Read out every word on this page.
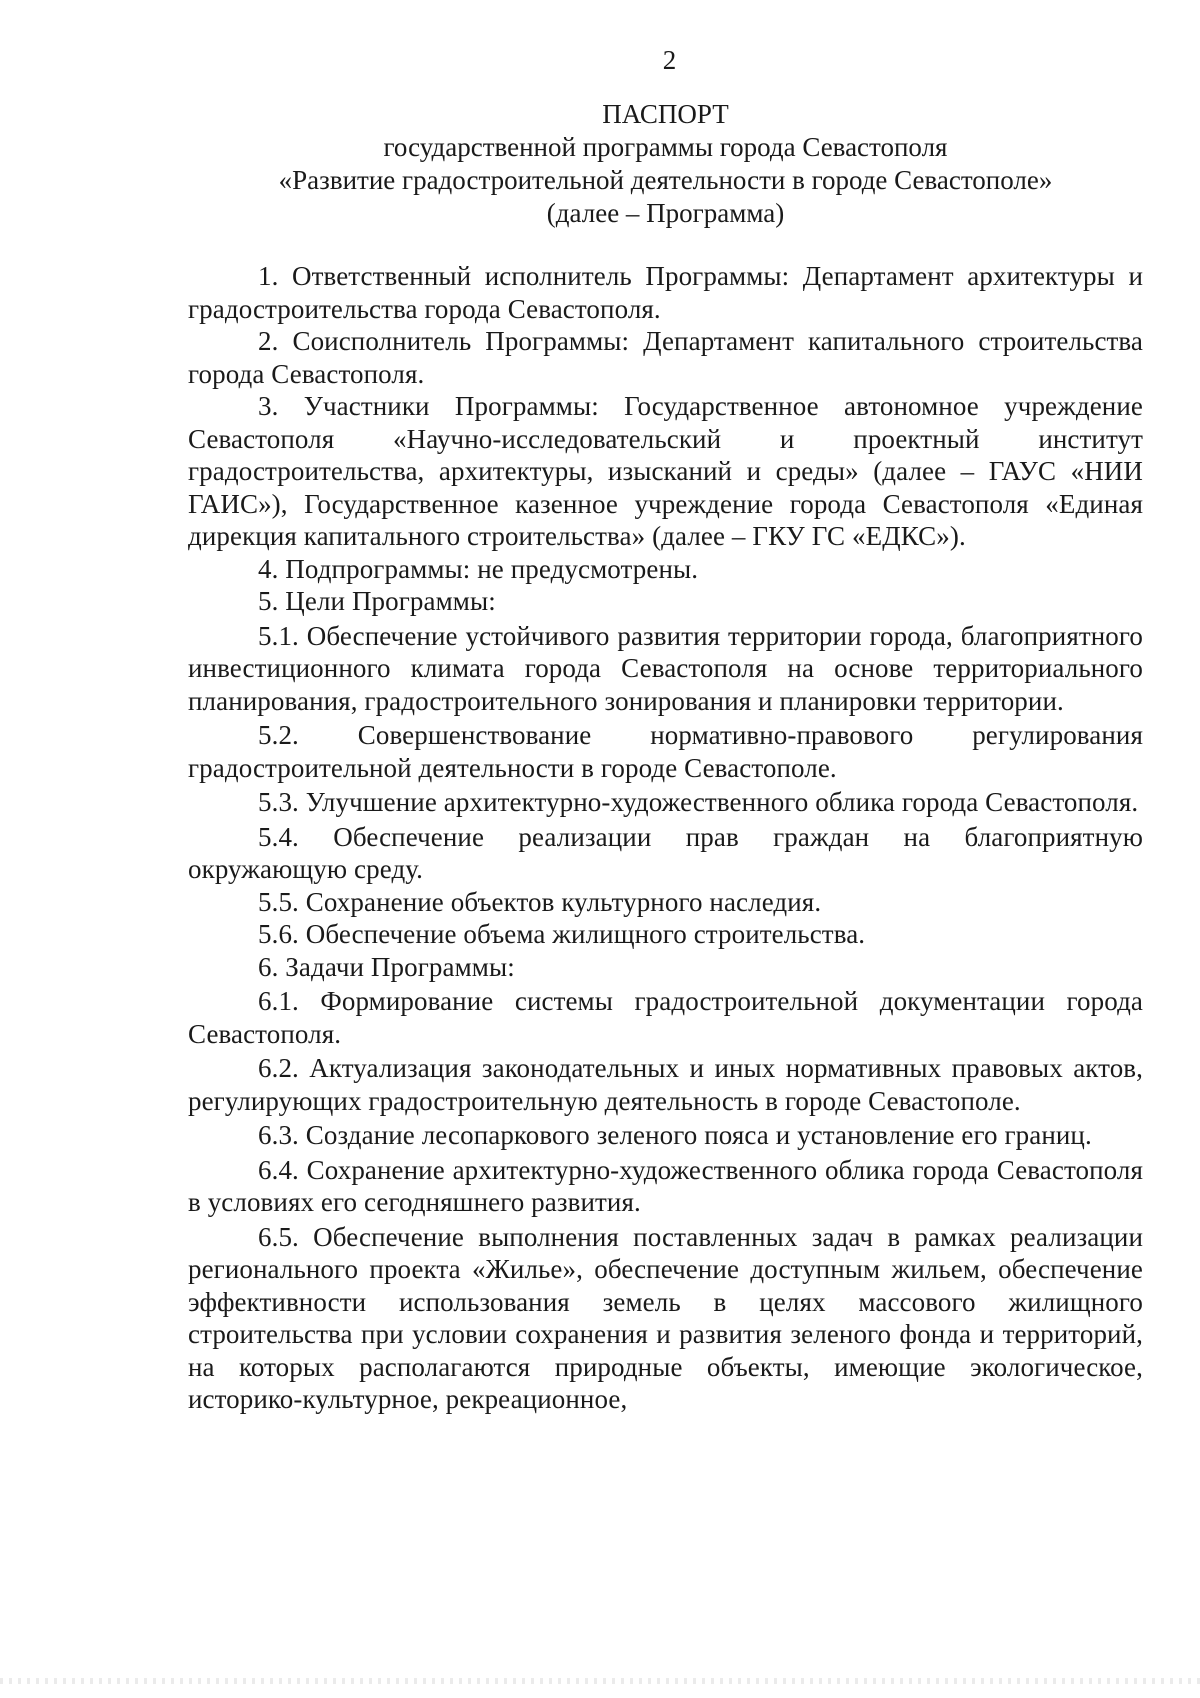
2
ПАСПОРТ
государственной программы города Севастополя
«Развитие градостроительной деятельности в городе Севастополе»
(далее – Программа)

1. Ответственный исполнитель Программы: Департамент архитектуры и градостроительства города Севастополя.

2. Соисполнитель Программы: Департамент капитального строительства города Севастополя.

3. Участники Программы: Государственное автономное учреждение Севастополя «Научно-исследовательский и проектный институт градостроительства, архитектуры, изысканий и среды» (далее – ГАУС «НИИ ГАИС»), Государственное казенное учреждение города Севастополя «Единая дирекция капитального строительства» (далее – ГКУ ГС «ЕДКС»).

4. Подпрограммы: не предусмотрены.

5. Цели Программы:

5.1. Обеспечение устойчивого развития территории города, благоприятного инвестиционного климата города Севастополя на основе территориального планирования, градостроительного зонирования и планировки территории.

5.2. Совершенствование нормативно-правового регулирования градостроительной деятельности в городе Севастополе.

5.3. Улучшение архитектурно-художественного облика города Севастополя.

5.4. Обеспечение реализации прав граждан на благоприятную окружающую среду.

5.5. Сохранение объектов культурного наследия.

5.6. Обеспечение объема жилищного строительства.

6. Задачи Программы:

6.1. Формирование системы градостроительной документации города Севастополя.

6.2. Актуализация законодательных и иных нормативных правовых актов, регулирующих градостроительную деятельность в городе Севастополе.

6.3. Создание лесопаркового зеленого пояса и установление его границ.

6.4. Сохранение архитектурно-художественного облика города Севастополя в условиях его сегодняшнего развития.

6.5. Обеспечение выполнения поставленных задач в рамках реализации регионального проекта «Жилье», обеспечение доступным жильем, обеспечение эффективности использования земель в целях массового жилищного строительства при условии сохранения и развития зеленого фонда и территорий, на которых располагаются природные объекты, имеющие экологическое, историко-культурное, рекреационное,
